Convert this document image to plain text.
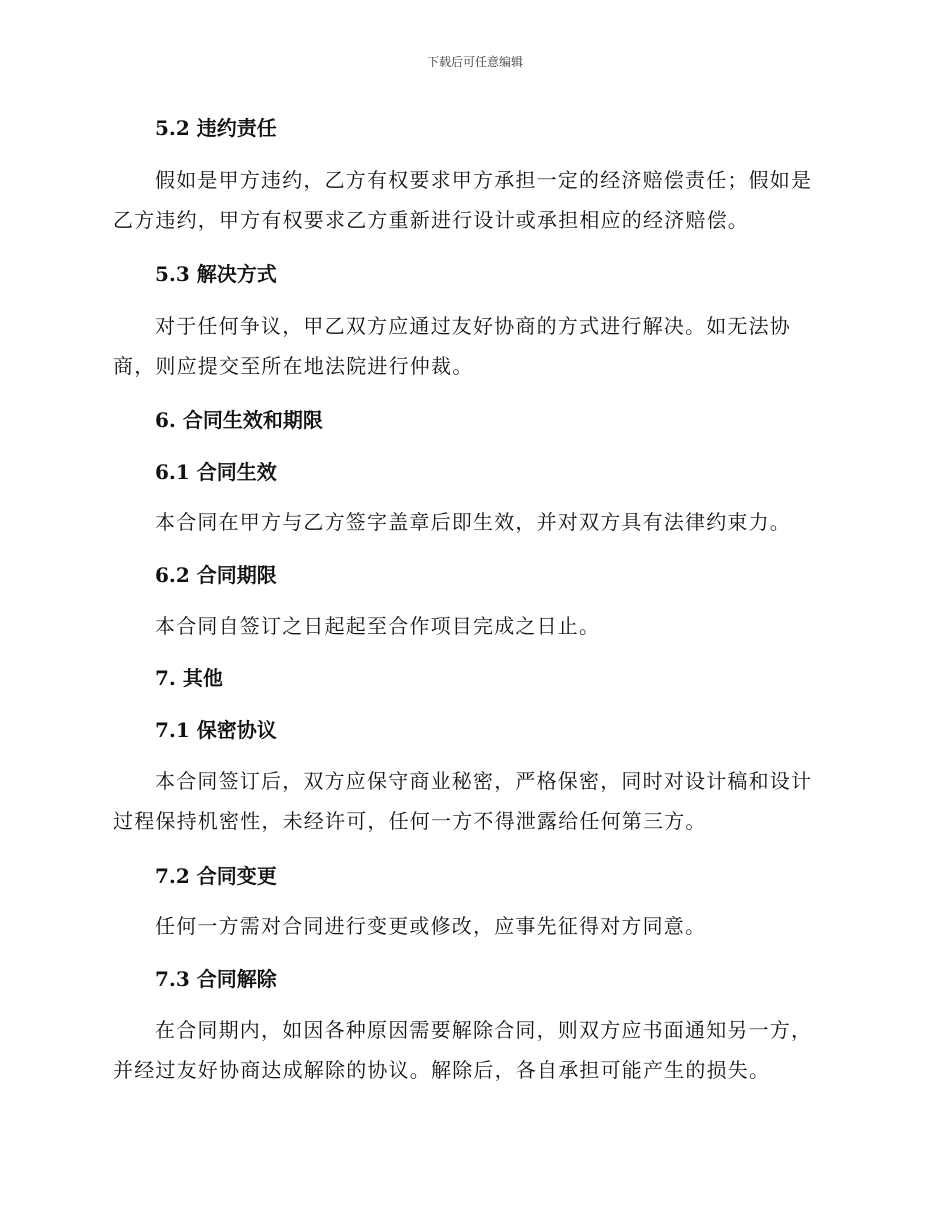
下载后可任意编辑
5.2 违约责任
假如是甲方违约，乙方有权要求甲方承担一定的经济赔偿责任；假如是乙方违约，甲方有权要求乙方重新进行设计或承担相应的经济赔偿。
5.3 解决方式
对于任何争议，甲乙双方应通过友好协商的方式进行解决。如无法协商，则应提交至所在地法院进行仲裁。
6. 合同生效和期限
6.1 合同生效
本合同在甲方与乙方签字盖章后即生效，并对双方具有法律约束力。
6.2 合同期限
本合同自签订之日起起至合作项目完成之日止。
7. 其他
7.1 保密协议
本合同签订后，双方应保守商业秘密，严格保密，同时对设计稿和设计过程保持机密性，未经许可，任何一方不得泄露给任何第三方。
7.2 合同变更
任何一方需对合同进行变更或修改，应事先征得对方同意。
7.3 合同解除
在合同期内，如因各种原因需要解除合同，则双方应书面通知另一方，并经过友好协商达成解除的协议。解除后，各自承担可能产生的损失。
